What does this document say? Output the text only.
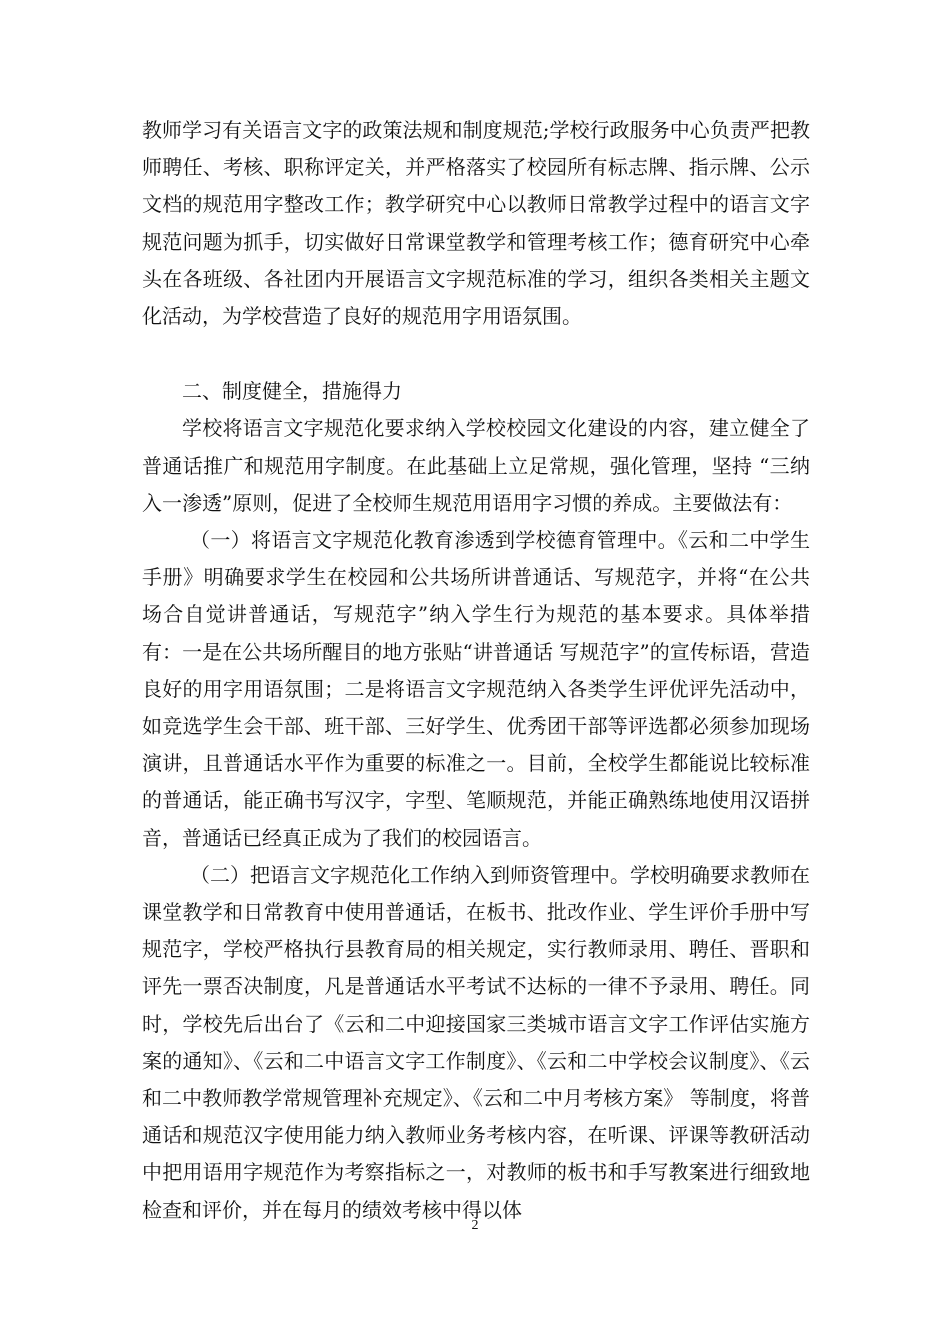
教师学习有关语言文字的政策法规和制度规范;学校行政服务中心负责严把教师聘任、考核、职称评定关，并严格落实了校园所有标志牌、指示牌、公示文档的规范用字整改工作；教学研究中心以教师日常教学过程中的语言文字规范问题为抓手，切实做好日常课堂教学和管理考核工作；德育研究中心牵头在各班级、各社团内开展语言文字规范标准的学习，组织各类相关主题文化活动，为学校营造了良好的规范用字用语氛围。

二、制度健全，措施得力

学校将语言文字规范化要求纳入学校校园文化建设的内容，建立健全了普通话推广和规范用字制度。在此基础上立足常规，强化管理，坚持 “三纳入一渗透”原则，促进了全校师生规范用语用字习惯的养成。主要做法有：

（一）将语言文字规范化教育渗透到学校德育管理中。《云和二中学生手册》明确要求学生在校园和公共场所讲普通话、写规范字，并将“在公共场合自觉讲普通话，写规范字”纳入学生行为规范的基本要求。具体举措有：一是在公共场所醒目的地方张贴“讲普通话 写规范字”的宣传标语，营造良好的用字用语氛围；二是将语言文字规范纳入各类学生评优评先活动中，如竞选学生会干部、班干部、三好学生、优秀团干部等评选都必须参加现场演讲，且普通话水平作为重要的标准之一。目前，全校学生都能说比较标准的普通话，能正确书写汉字，字型、笔顺规范，并能正确熟练地使用汉语拼音，普通话已经真正成为了我们的校园语言。

（二）把语言文字规范化工作纳入到师资管理中。学校明确要求教师在课堂教学和日常教育中使用普通话，在板书、批改作业、学生评价手册中写规范字，学校严格执行县教育局的相关规定，实行教师录用、聘任、晋职和评先一票否决制度，凡是普通话水平考试不达标的一律不予录用、聘任。同时，学校先后出台了《云和二中迎接国家三类城市语言文字工作评估实施方案的通知》、《云和二中语言文字工作制度》、《云和二中学校会议制度》、《云和二中教师教学常规管理补充规定》、《云和二中月考核方案》 等制度，将普通话和规范汉字使用能力纳入教师业务考核内容，在听课、评课等教研活动中把用语用字规范作为考察指标之一，对教师的板书和手写教案进行细致地检查和评价，并在每月的绩效考核中得以体

2
